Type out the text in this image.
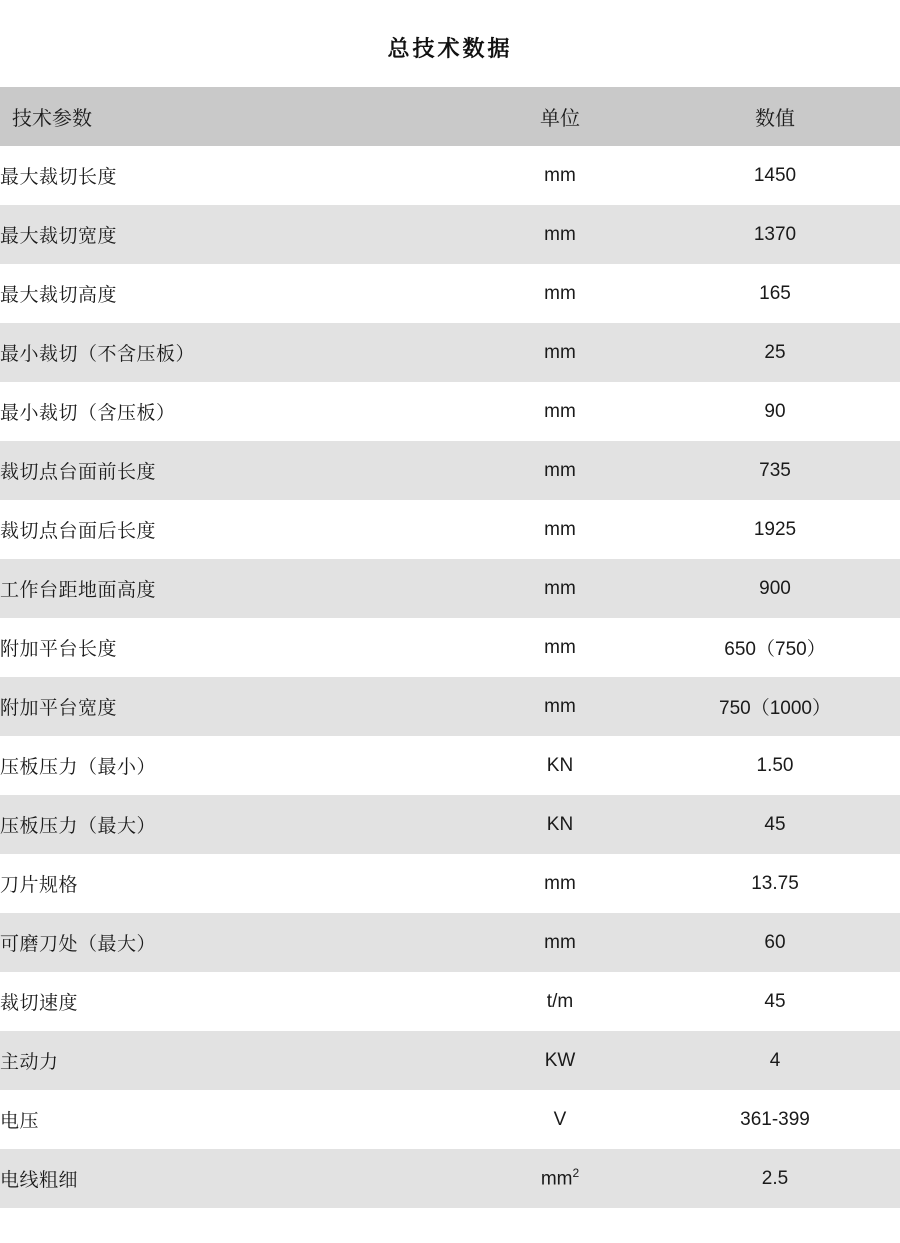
总技术数据
技术参数	单位	数值
最大裁切长度	mm	1450
最大裁切宽度	mm	1370
最大裁切高度	mm	165
最小裁切（不含压板）	mm	25
最小裁切（含压板）	mm	90
裁切点台面前长度	mm	735
裁切点台面后长度	mm	1925
工作台距地面高度	mm	900
附加平台长度	mm	650（750）
附加平台宽度	mm	750（1000）
压板压力（最小）	KN	1.50
压板压力（最大）	KN	45
刀片规格	mm	13.75
可磨刀处（最大）	mm	60
裁切速度	t/m	45
主动力	KW	4
电压	V	361-399
电线粗细	$mm^2$	2.5
